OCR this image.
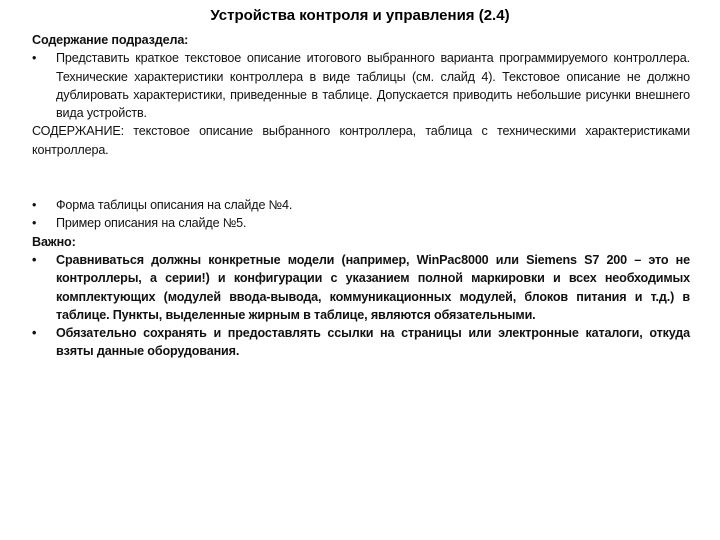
Устройства контроля и управления (2.4)

Содержание подраздела:

• Представить краткое текстовое описание итогового выбранного варианта программируемого контроллера. Технические характеристики контроллера в виде таблицы (см. слайд 4). Текстовое описание не должно дублировать характеристики, приведенные в таблице. Допускается приводить небольшие рисунки внешнего вида устройств.

СОДЕРЖАНИЕ: текстовое описание выбранного контроллера, таблица с техническими характеристиками контроллера.

• Форма таблицы описания на слайде №4.

• Пример описания на слайде №5.

Важно:

• Сравниваться должны конкретные модели (например, WinPac8000 или Siemens S7 200 – это не контроллеры, а серии!) и конфигурации с указанием полной маркировки и всех необходимых комплектующих (модулей ввода-вывода, коммуникационных модулей, блоков питания и т.д.) в таблице. Пункты, выделенные жирным в таблице, являются обязательными.

• Обязательно сохранять и предоставлять ссылки на страницы или электронные каталоги, откуда взяты данные оборудования.
